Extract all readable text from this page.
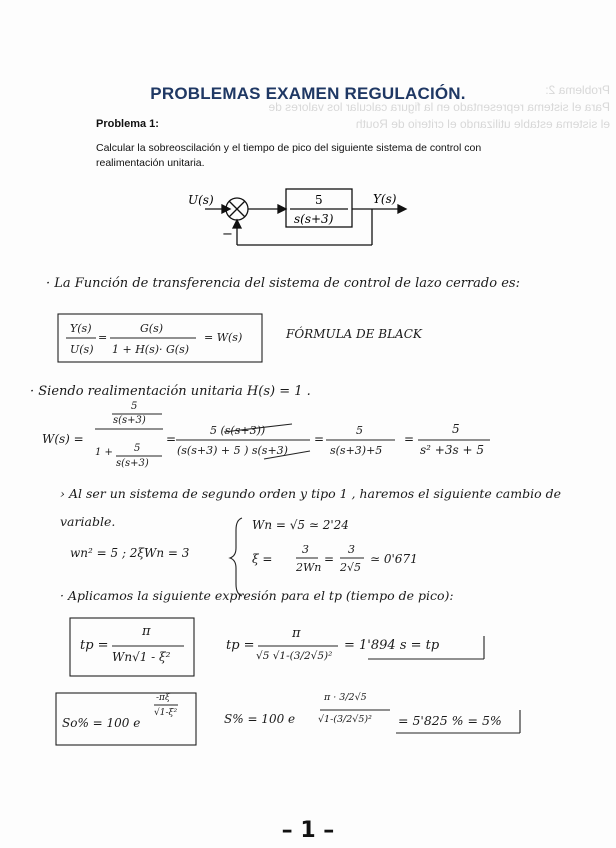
Problema 2:
Para el sistema representado en la figura calcular los valores de
el sistema estable utilizando el criterio de Routh
PROBLEMAS EXAMEN REGULACIÓN.
Problema 1:
Calcular la sobreoscilación y el tiempo de pico del siguiente sistema de control con realimentación unitaria.
U(s)	Y(s)
5
s(s+3)
−
· La Función de transferencia del sistema de control de lazo cerrado es:
Y(s)
U(s)
=
G(s)
1 + H(s)· G(s)
= W(s)	FÓRMULA DE BLACK
· Siendo realimentación unitaria H(s) = 1 .
W(s) =
5
s(s+3)
1 + 5
s(s+3)
=
5 (s(s+3))
(s(s+3) + 5 ) s(s+3)
=
5
s(s+3)+5
=
5
s² +3s + 5
› Al ser un sistema de segundo orden y tipo 1 , haremos el siguiente cambio de
variable.
wn² = 5 ; 2ξWn = 3
Wn = √5 ≃ 2'24
ξ =
3
2Wn
=
3
2√5
≃ 0'671
· Aplicamos la siguiente expresión para el tp (tiempo de pico):
tp =
π
Wn√1 - ξ²
tp =
π
√5 √1-(3/2√5)²
= 1'894 s = tp
So% = 100 e
-πξ
√1-ξ²	S% = 100 e
π · 3/2√5
√1-(3/2√5)² = 5'825 % = 5%
– 1 –
